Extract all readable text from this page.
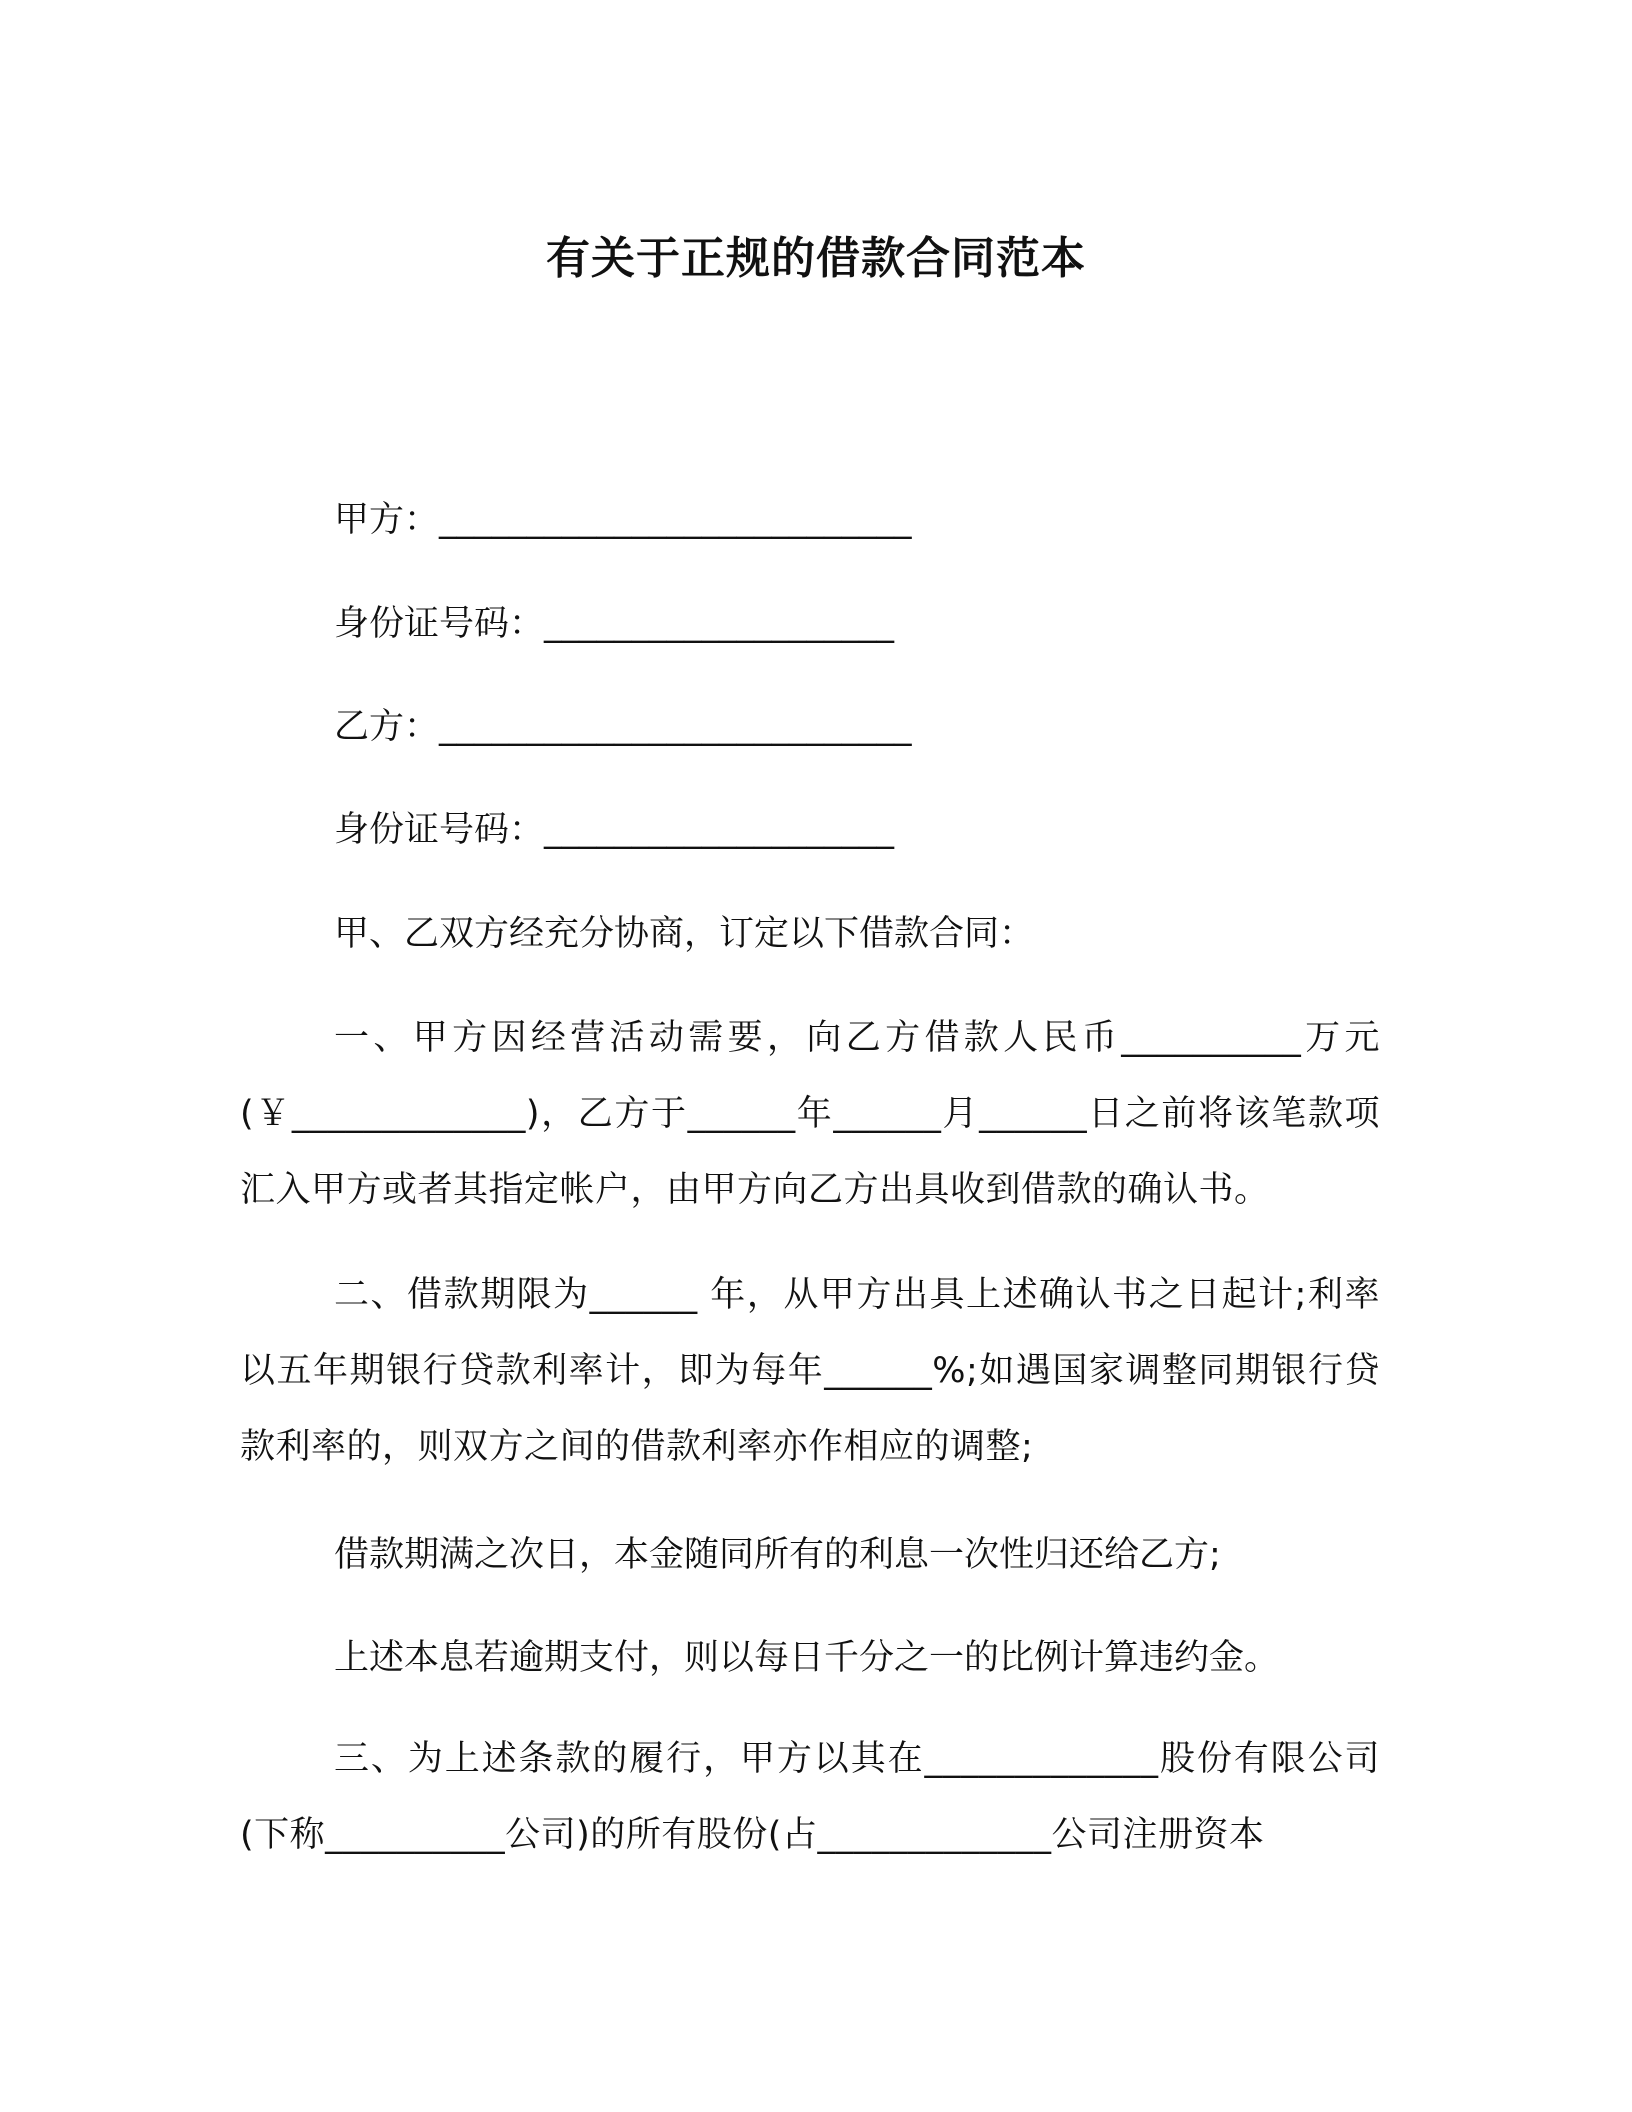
有关于正规的借款合同范本

甲方：___________________________

身份证号码：____________________

乙方：___________________________

身份证号码：____________________

甲、乙双方经充分协商，订定以下借款合同：

一、甲方因经营活动需要，向乙方借款人民币__________万元(￥_____________)，乙方于______年______月______日之前将该笔款项汇入甲方或者其指定帐户，由甲方向乙方出具收到借款的确认书。

二、借款期限为______ 年，从甲方出具上述确认书之日起计;利率以五年期银行贷款利率计，即为每年______%;如遇国家调整同期银行贷款利率的，则双方之间的借款利率亦作相应的调整;

借款期满之次日，本金随同所有的利息一次性归还给乙方;

上述本息若逾期支付，则以每日千分之一的比例计算违约金。

三、为上述条款的履行，甲方以其在_____________股份有限公司(下称__________公司)的所有股份(占_____________公司注册资本
